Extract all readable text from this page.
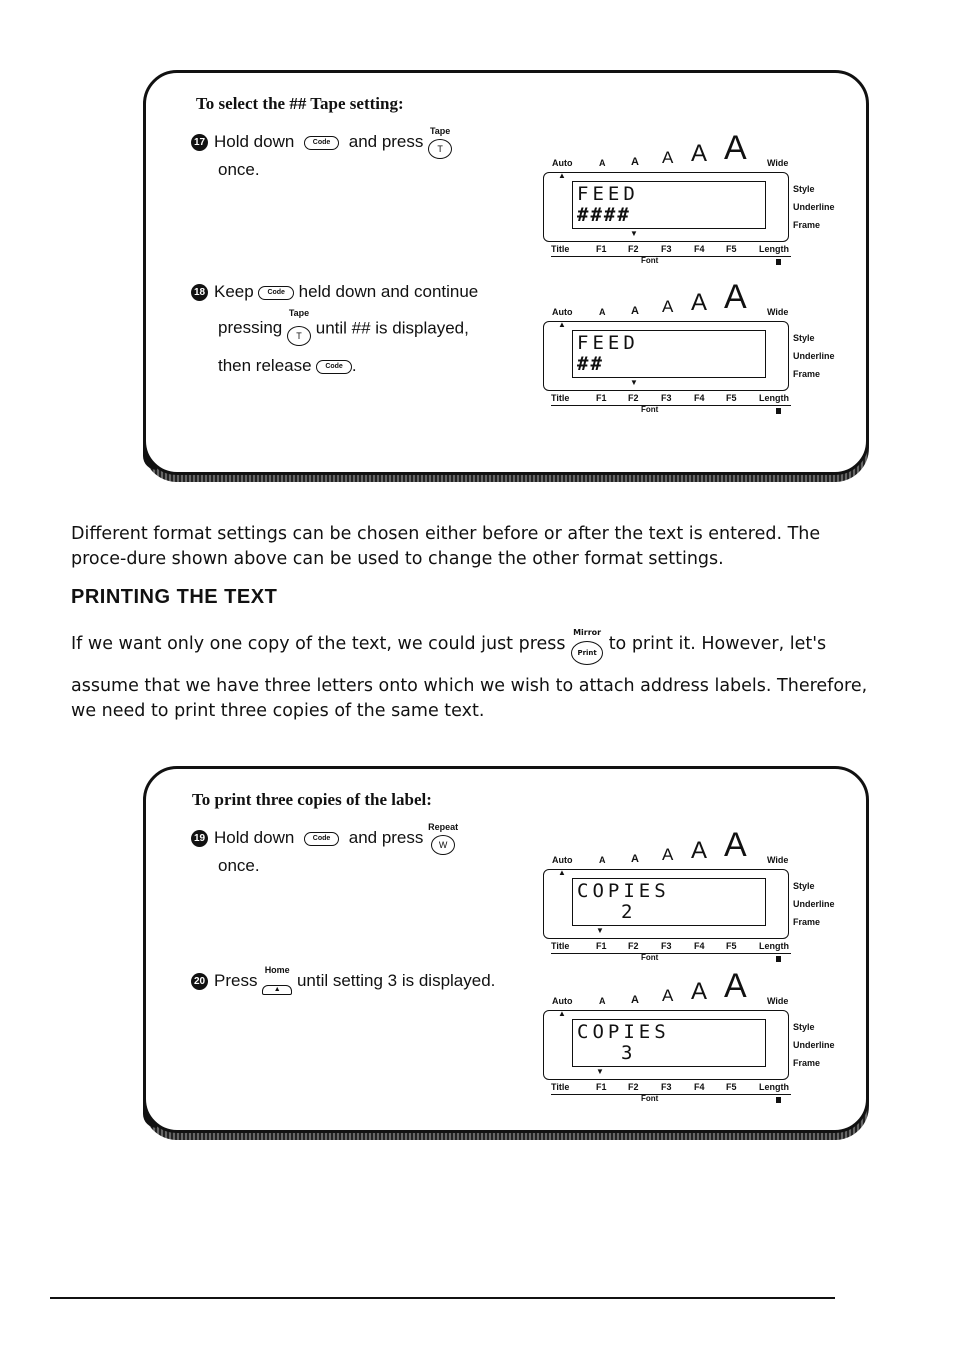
To select the ## Tape setting:
17 Hold down	Code and press
Tape
T
once.
18 Keep Code held down and continue
pressing
Tape
T until ## is displayed,
then release Code .
Auto	A A A A A Wide
▲
FEED
####
▼
Style
Underline
Frame
Title	F1 F2 F3 F4 F5 Length
Font
Auto	A A A A A Wide
▲
FEED
##
▼
Style
Underline
Frame
Title	F1 F2 F3 F4 F5 Length
Font
Different format settings can be chosen either before or after the text is entered. The proce-dure shown above can be used to change the other format settings.
PRINTING THE TEXT
If we want only one copy of the text, we could just press
Mirror
Print to print it. However, let's
assume that we have three letters onto which we wish to attach address labels. Therefore, we need to print three copies of the same text.
To print three copies of the label:
19 Hold down	Code and press
Repeat
W
once.
20 Press
Home
▲ until setting 3 is displayed.
Auto	A A A A A Wide
▲
COPIES
2
▼
Style
Underline
Frame
Title	F1 F2 F3 F4 F5 Length
Font
Auto	A A A A A Wide
▲
COPIES
3
▼
Style
Underline
Frame
Title	F1 F2 F3 F4 F5 Length
Font
